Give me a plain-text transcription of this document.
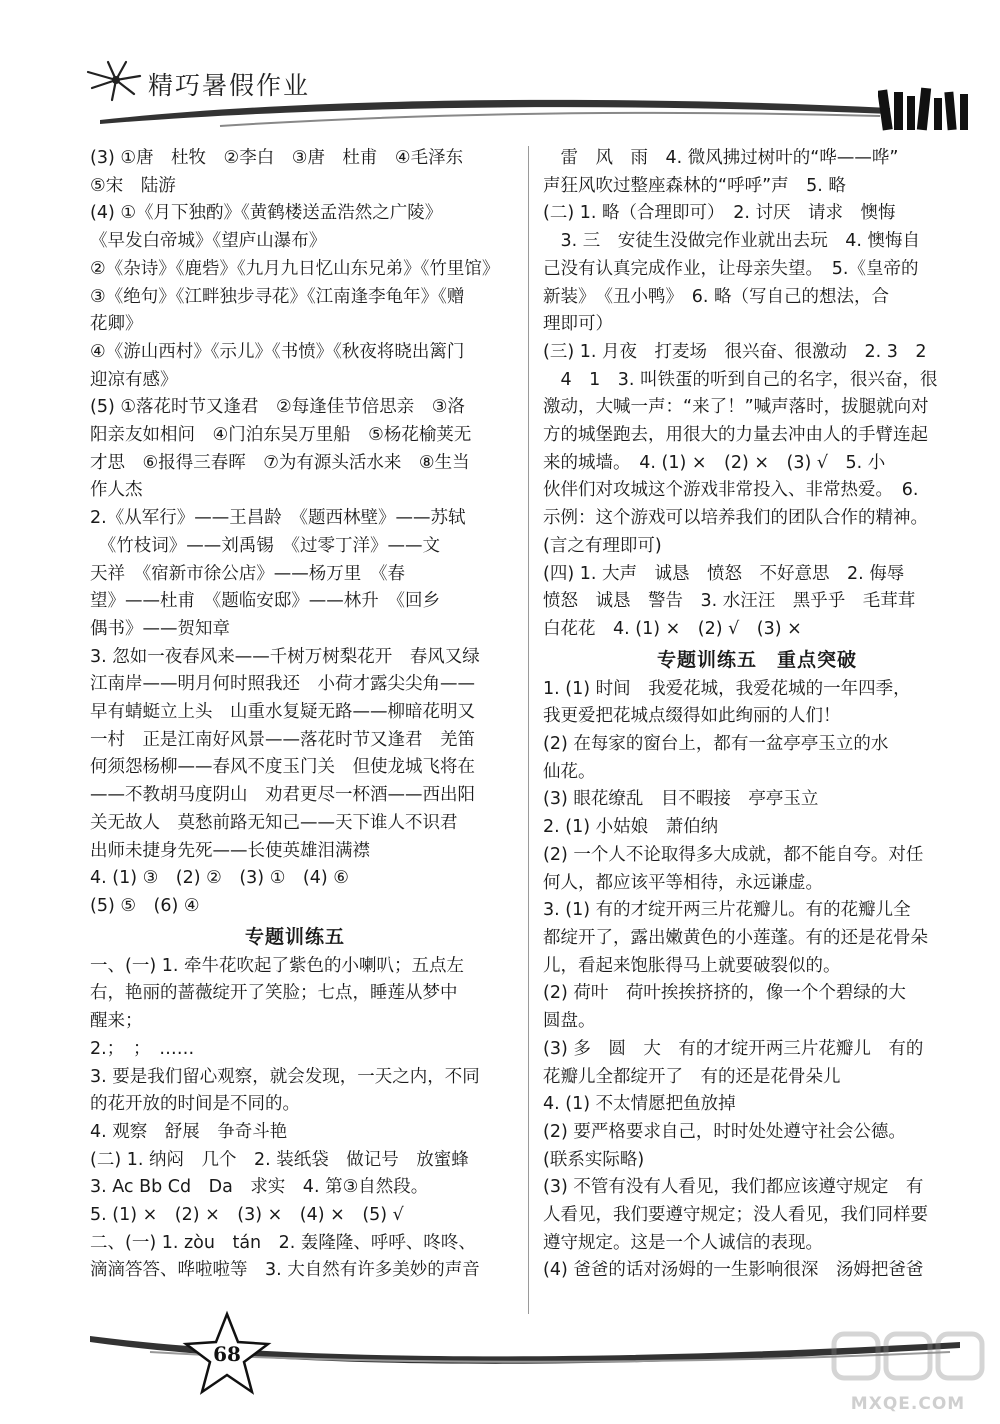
精巧暑假作业

(3) ①唐　杜牧　②李白　③唐　杜甫　④毛泽东

⑤宋　陆游

(4) ①《月下独酌》《黄鹤楼送孟浩然之广陵》

《早发白帝城》《望庐山瀑布》

②《杂诗》《鹿砦》《九月九日忆山东兄弟》《竹里馆》

③《绝句》《江畔独步寻花》《江南逢李龟年》《赠

花卿》

④《游山西村》《示儿》《书愤》《秋夜将晓出篱门

迎凉有感》

(5) ①落花时节又逢君　②每逢佳节倍思亲　③洛

阳亲友如相问　④门泊东吴万里船　⑤杨花榆荚无

才思　⑥报得三春晖　⑦为有源头活水来　⑧生当

作人杰

2.《从军行》——王昌龄　《题西林壁》——苏轼

　《竹枝词》——刘禹锡　《过零丁洋》——文

天祥　《宿新市徐公店》——杨万里　《春

望》——杜甫　《题临安邸》——林升　《回乡

偶书》——贺知章

3. 忽如一夜春风来——千树万树梨花开　春风又绿

江南岸——明月何时照我还　小荷才露尖尖角——

早有蜻蜓立上头　山重水复疑无路——柳暗花明又

一村　正是江南好风景——落花时节又逢君　羌笛

何须怨杨柳——春风不度玉门关　但使龙城飞将在

——不教胡马度阴山　劝君更尽一杯酒——西出阳

关无故人　莫愁前路无知己——天下谁人不识君

出师未捷身先死——长使英雄泪满襟

4. (1) ③　(2) ②　(3) ①　(4) ⑥

(5) ⑤　(6) ④

专题训练五

一、(一) 1. 牵牛花吹起了紫色的小喇叭；五点左

右，艳丽的蔷薇绽开了笑脸；七点，睡莲从梦中

醒来；

2.；　；　……

3. 要是我们留心观察，就会发现，一天之内，不同

的花开放的时间是不同的。

4. 观察　舒展　争奇斗艳

(二) 1. 纳闷　几个　2. 装纸袋　做记号　放蜜蜂

3. Ac Bb Cd　Da　求实　4. 第③自然段。

5. (1) ×　(2) ×　(3) ×　(4) ×　(5) √

二、(一) 1. zòu　tán　2. 轰隆隆、呼呼、咚咚、

滴滴答答、哗啦啦等　3. 大自然有许多美妙的声音

　雷　风　雨　4. 微风拂过树叶的“哗——哗”

声狂风吹过整座森林的“呼呼”声　5. 略

(二) 1. 略（合理即可）　2. 讨厌　请求　懊悔

　3. 三　安徒生没做完作业就出去玩　4. 懊悔自

己没有认真完成作业，让母亲失望。　5.《皇帝的

新装》　《丑小鸭》　6. 略（写自己的想法，合

理即可）

(三) 1. 月夜　打麦场　很兴奋、很激动　2. 3　2

　4　1　3. 叫铁蛋的听到自己的名字，很兴奋，很

激动，大喊一声：“来了！”喊声落时，拔腿就向对

方的城堡跑去，用很大的力量去冲由人的手臂连起

来的城墙。　4. (1) ×　(2) ×　(3) √　5. 小

伙伴们对攻城这个游戏非常投入、非常热爱。　6.

示例：这个游戏可以培养我们的团队合作的精神。

(言之有理即可)

(四) 1. 大声　诚恳　愤怒　不好意思　2. 侮辱

愤怒　诚恳　警告　3. 水汪汪　黑乎乎　毛茸茸

白花花　4. (1) ×　(2) √　(3) ×

专题训练五　重点突破

1. (1) 时间　我爱花城，我爱花城的一年四季，

我更爱把花城点缀得如此绚丽的人们！

(2) 在每家的窗台上，都有一盆亭亭玉立的水

仙花。

(3) 眼花缭乱　目不暇接　亭亭玉立

2. (1) 小姑娘　萧伯纳

(2) 一个人不论取得多大成就，都不能自夸。对任

何人，都应该平等相待，永远谦虚。

3. (1) 有的才绽开两三片花瓣儿。有的花瓣儿全

都绽开了，露出嫩黄色的小莲蓬。有的还是花骨朵

儿，看起来饱胀得马上就要破裂似的。

(2) 荷叶　荷叶挨挨挤挤的，像一个个碧绿的大

圆盘。

(3) 多　圆　大　有的才绽开两三片花瓣儿　有的

花瓣儿全都绽开了　有的还是花骨朵儿

4. (1) 不太情愿把鱼放掉

(2) 要严格要求自己，时时处处遵守社会公德。

(联系实际略)

(3) 不管有没有人看见，我们都应该遵守规定　有

人看见，我们要遵守规定；没人看见，我们同样要

遵守规定。这是一个人诚信的表现。

(4) 爸爸的话对汤姆的一生影响很深　汤姆把爸爸

68
MXQE.COM
